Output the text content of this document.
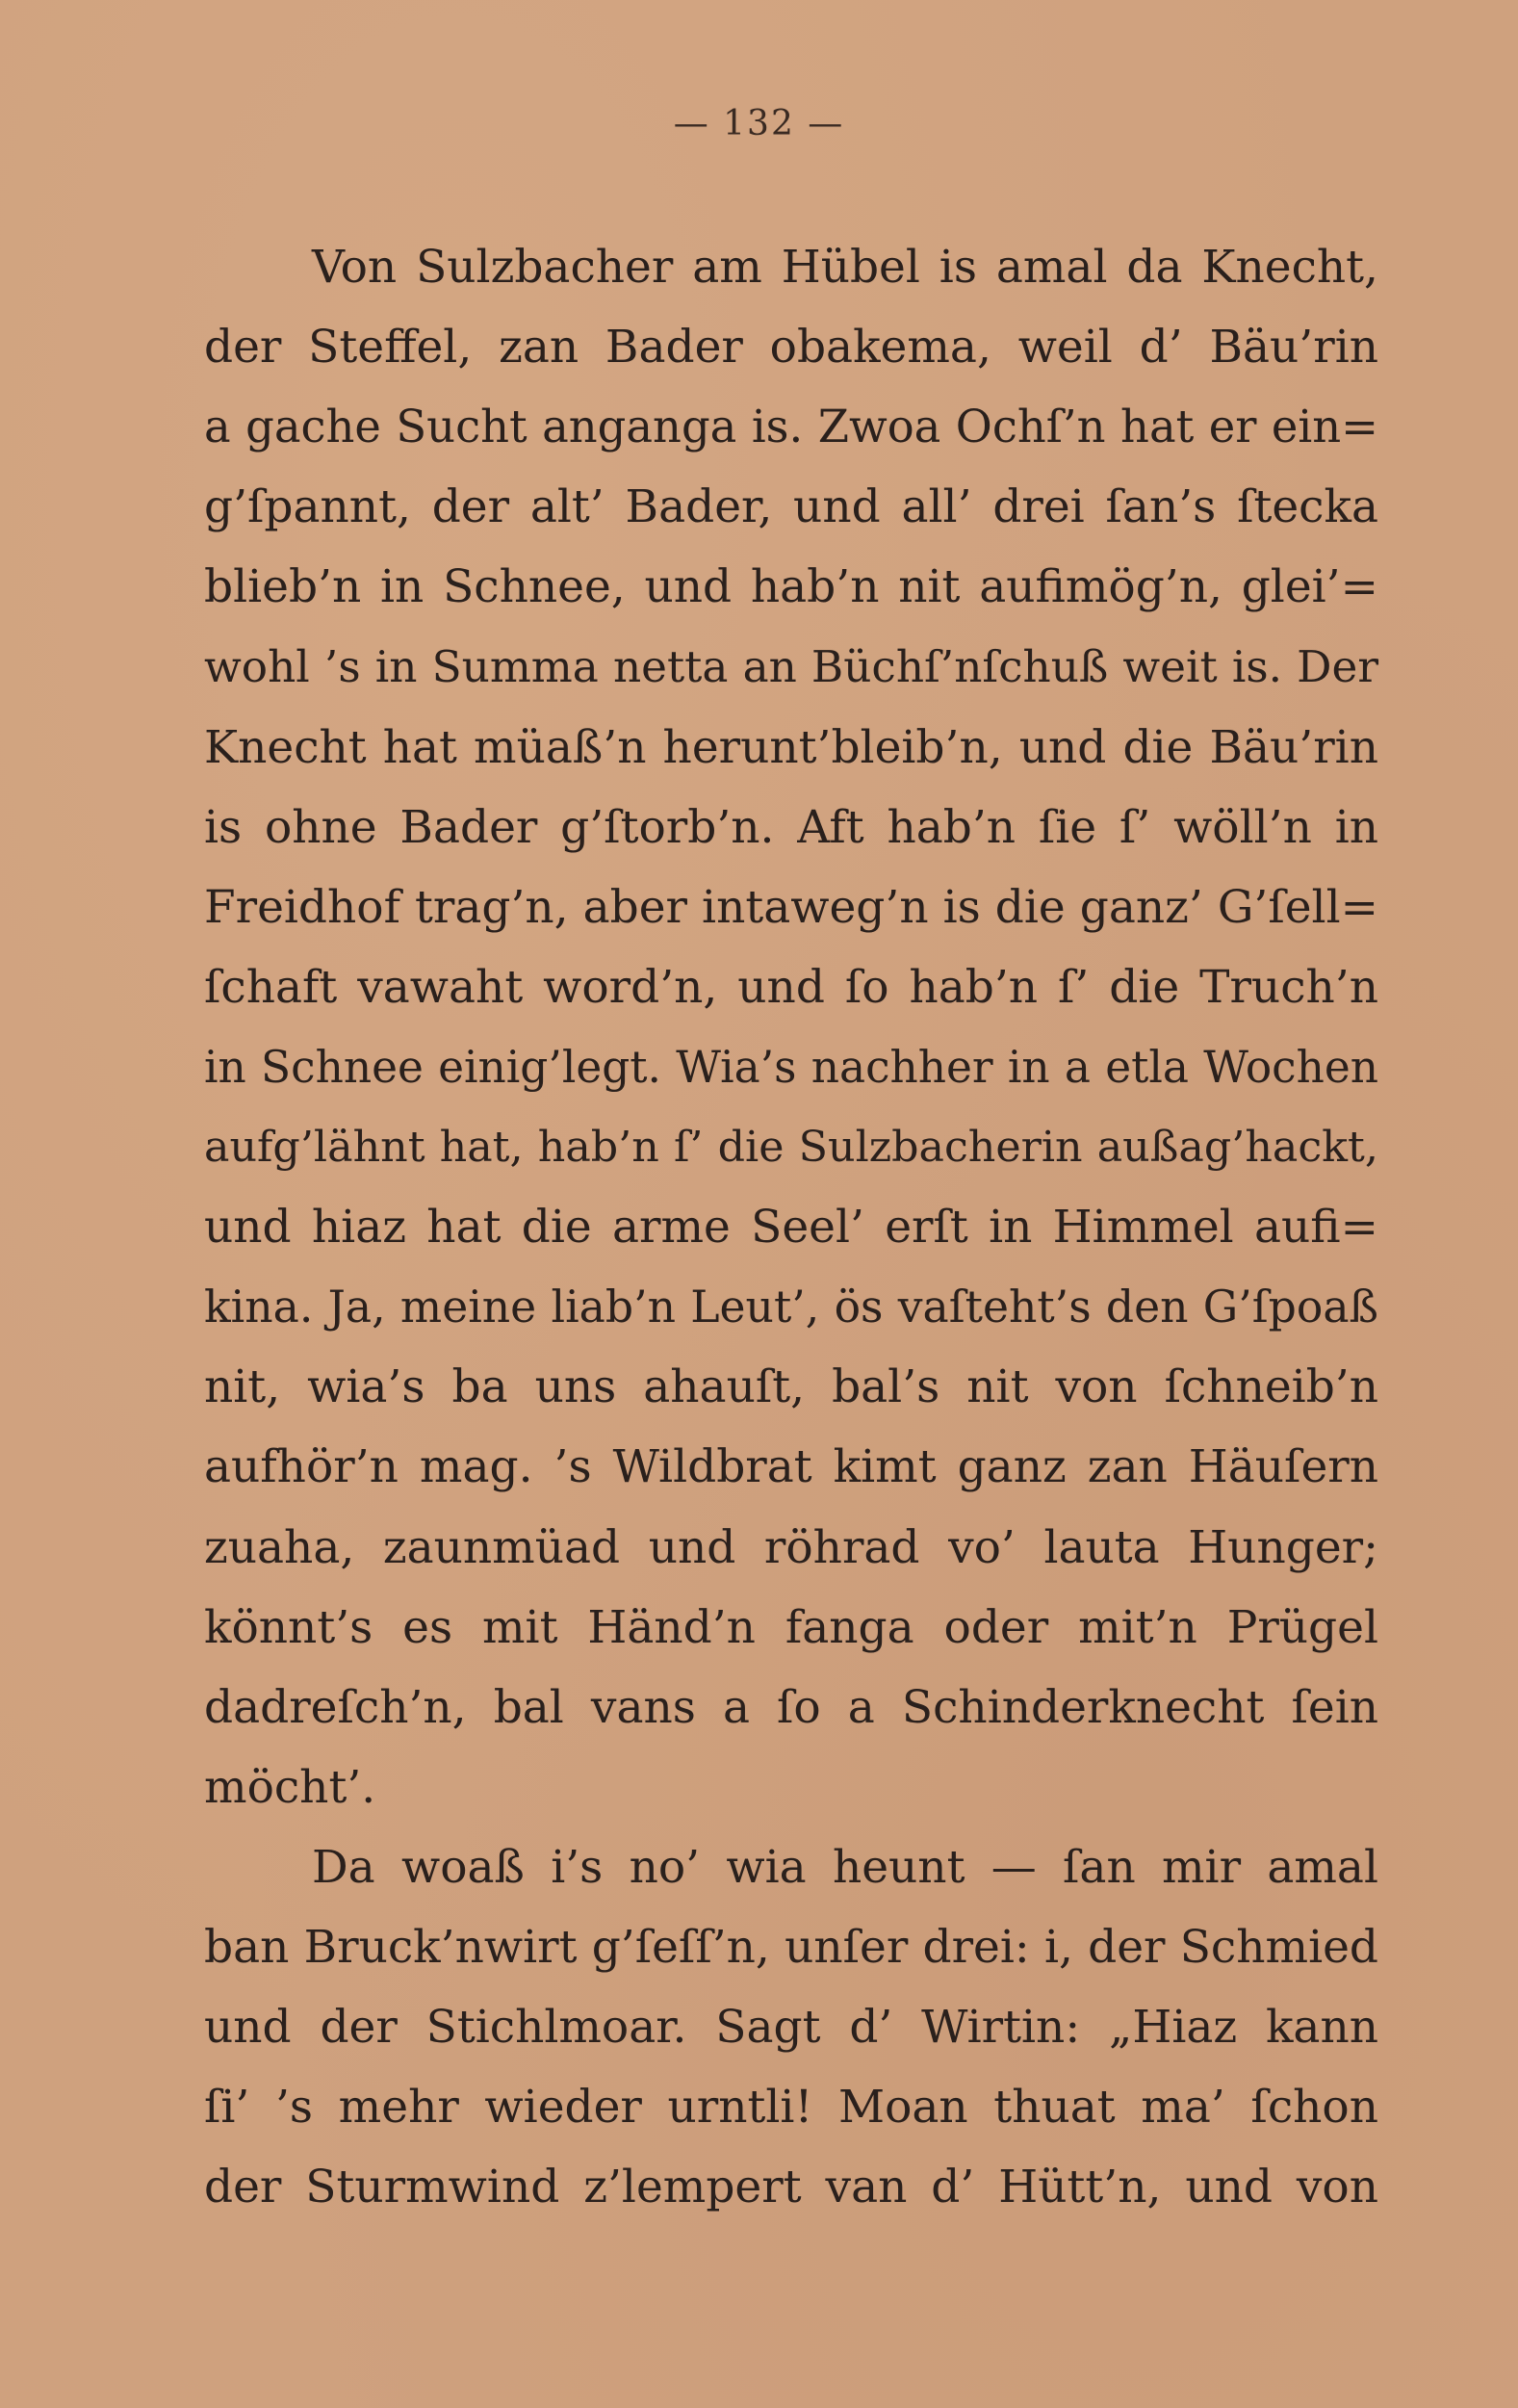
— 132 —
Von Sulzbacher am Hübel is amal da Knecht,
der Steffel, zan Bader obakema, weil d’ Bäu’rin
a gache Sucht anganga is. Zwoa Ochſ’n hat er ein=
g’ſpannt, der alt’ Bader, und all’ drei ſan’s ſtecka
blieb’n in Schnee, und hab’n nit aufimög’n, glei’=
wohl ’s in Summa netta an Büchſ’nſchuß weit is. Der
Knecht hat müaß’n herunt’bleib’n, und die Bäu’rin
is ohne Bader g’ſtorb’n. Aft hab’n ſie ſ’ wöll’n in
Freidhof trag’n, aber intaweg’n is die ganz’ G’ſell=
ſchaft vawaht word’n, und ſo hab’n ſ’ die Truch’n
in Schnee einig’legt. Wia’s nachher in a etla Wochen
aufg’lähnt hat, hab’n ſ’ die Sulzbacherin außag’hackt,
und hiaz hat die arme Seel’ erſt in Himmel aufi=
kina. Ja, meine liab’n Leut’, ös vaſteht’s den G’ſpoaß
nit, wia’s ba uns ahauſt, bal’s nit von ſchneib’n
aufhör’n mag. ’s Wildbrat kimt ganz zan Häuſern
zuaha, zaunmüad und röhrad vo’ lauta Hunger;
könnt’s es mit Händ’n fanga oder mit’n Prügel
dadreſch’n, bal vans a ſo a Schinderknecht ſein
möcht’.
Da woaß i’s no’ wia heunt — ſan mir amal
ban Bruck’nwirt g’ſeſſ’n, unſer drei: i, der Schmied
und der Stichlmoar. Sagt d’ Wirtin: „Hiaz kann
ſi’ ’s mehr wieder urntli! Moan thuat ma’ ſchon
der Sturmwind z’lempert van d’ Hütt’n, und von
